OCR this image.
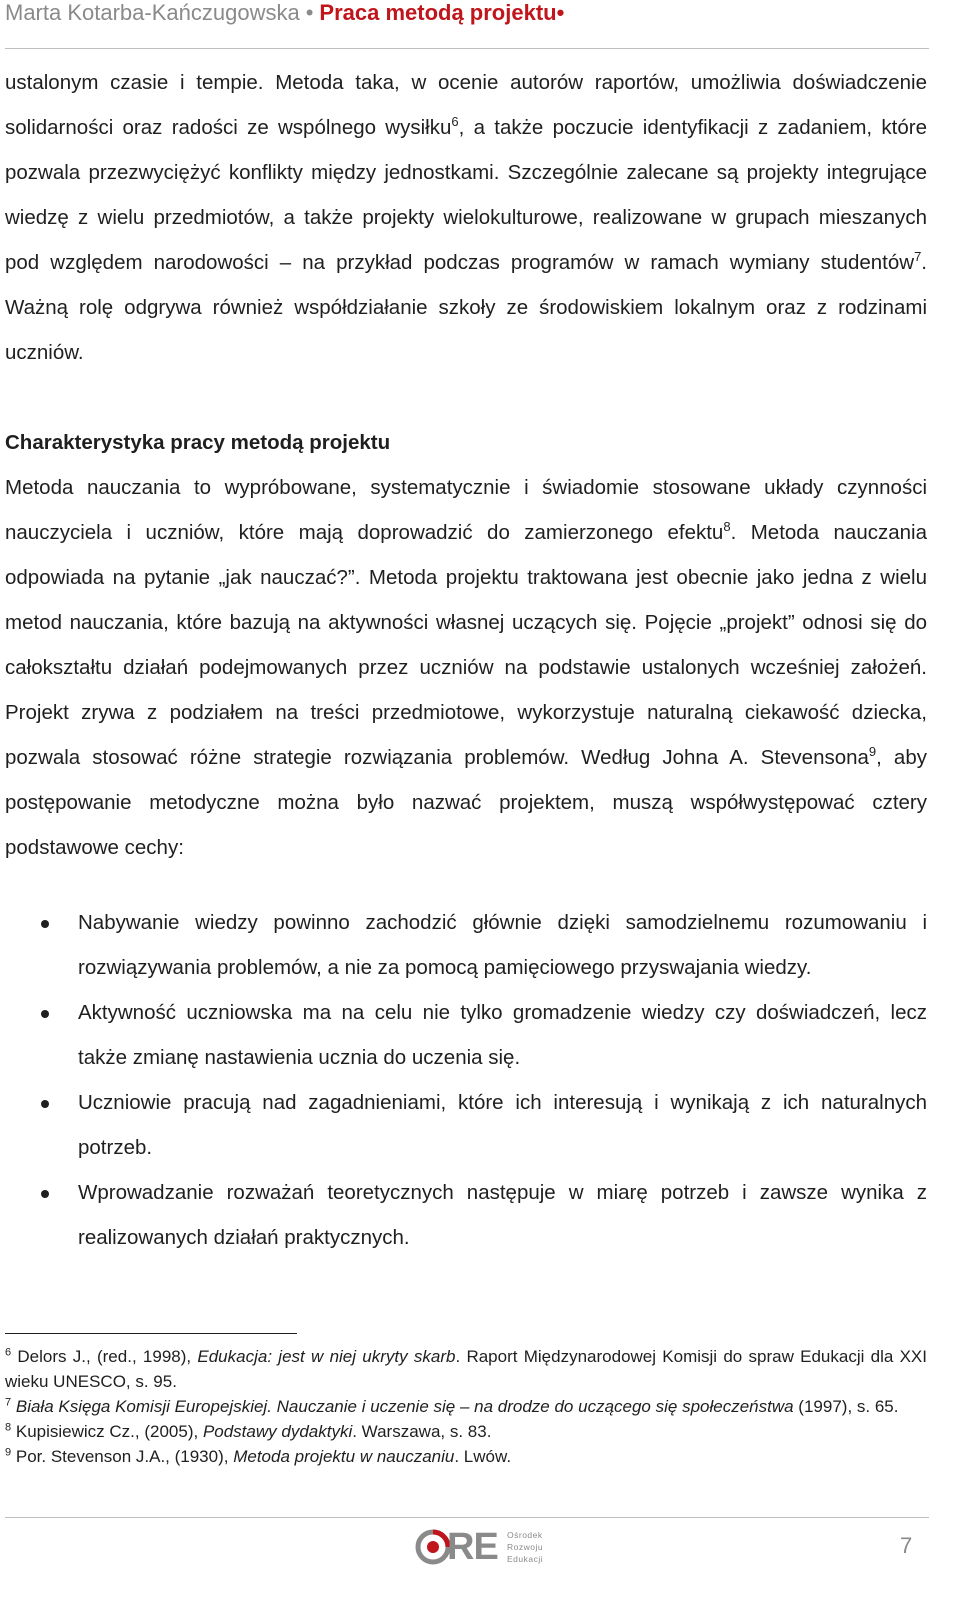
Marta Kotarba-Kańczugowska • Praca metodą projektu•

ustalonym czasie i tempie. Metoda taka, w ocenie autorów raportów, umożliwia doświadczenie solidarności oraz radości ze wspólnego wysiłku$^6$, a także poczucie identyfikacji z zadaniem, które pozwala przezwyciężyć konflikty między jednostkami. Szczególnie zalecane są projekty integrujące wiedzę z wielu przedmiotów, a także projekty wielokulturowe, realizowane w grupach mieszanych pod względem narodowości – na przykład podczas programów w ramach wymiany studentów$^7$. Ważną rolę odgrywa również współdziałanie szkoły ze środowiskiem lokalnym oraz z rodzinami uczniów.

Charakterystyka pracy metodą projektu

Metoda nauczania to wypróbowane, systematycznie i świadomie stosowane układy czynności nauczyciela i uczniów, które mają doprowadzić do zamierzonego efektu$^8$. Metoda nauczania odpowiada na pytanie „jak nauczać?”. Metoda projektu traktowana jest obecnie jako jedna z wielu metod nauczania, które bazują na aktywności własnej uczących się. Pojęcie „projekt” odnosi się do całokształtu działań podejmowanych przez uczniów na podstawie ustalonych wcześniej założeń. Projekt zrywa z podziałem na treści przedmiotowe, wykorzystuje naturalną ciekawość dziecka, pozwala stosować różne strategie rozwiązania problemów. Według Johna A. Stevensona$^9$, aby postępowanie metodyczne można było nazwać projektem, muszą współwystępować cztery podstawowe cechy:

Nabywanie wiedzy powinno zachodzić głównie dzięki samodzielnemu rozumowaniu i rozwiązywania problemów, a nie za pomocą pamięciowego przyswajania wiedzy.
Aktywność uczniowska ma na celu nie tylko gromadzenie wiedzy czy doświadczeń, lecz także zmianę nastawienia ucznia do uczenia się.
Uczniowie pracują nad zagadnieniami, które ich interesują i wynikają z ich naturalnych potrzeb.
Wprowadzanie rozważań teoretycznych następuje w miarę potrzeb i zawsze wynika z realizowanych działań praktycznych.

$^6$ Delors J., (red., 1998), Edukacja: jest w niej ukryty skarb. Raport Międzynarodowej Komisji do spraw Edukacji dla XXI wieku UNESCO, s. 95.

$^7$ Biała Księga Komisji Europejskiej. Nauczanie i uczenie się – na drodze do uczącego się społeczeństwa (1997), s. 65.

$^8$ Kupisiewicz Cz., (2005), Podstawy dydaktyki. Warszawa, s. 83.

$^9$ Por. Stevenson J.A., (1930), Metoda projektu w nauczaniu. Lwów.

RE Ośrodek
Rozwoju
Edukacji
7
